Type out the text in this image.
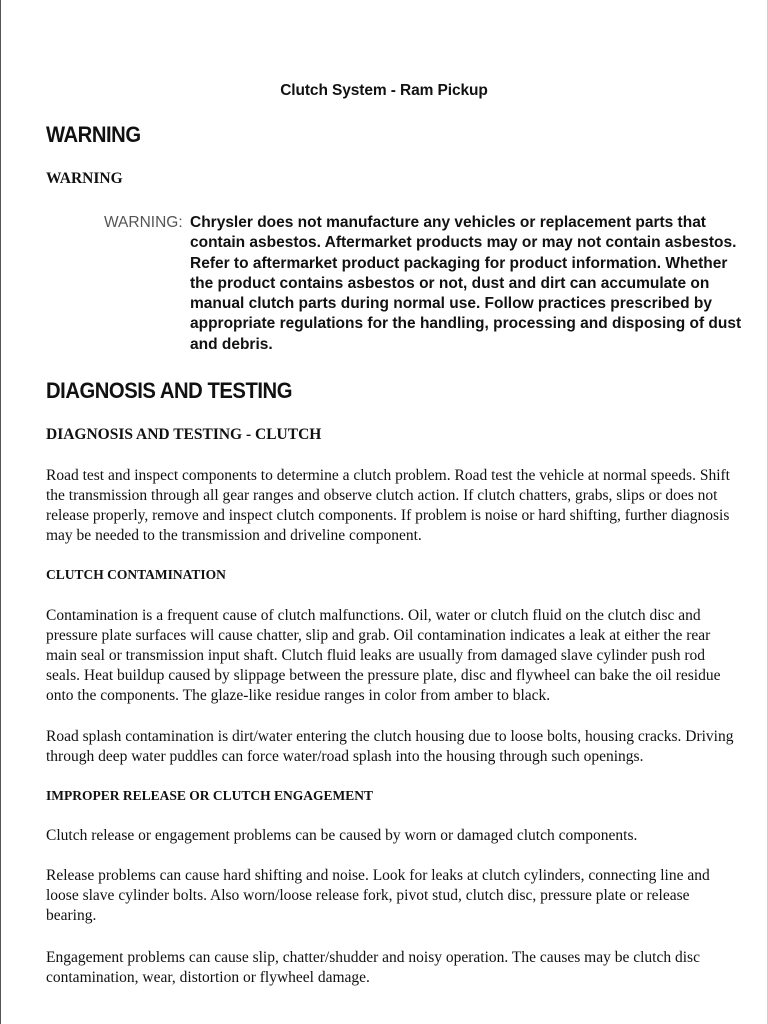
Clutch System - Ram Pickup
WARNING
WARNING
WARNING: Chrysler does not manufacture any vehicles or replacement parts that contain asbestos. Aftermarket products may or may not contain asbestos. Refer to aftermarket product packaging for product information. Whether the product contains asbestos or not, dust and dirt can accumulate on manual clutch parts during normal use. Follow practices prescribed by appropriate regulations for the handling, processing and disposing of dust and debris.
DIAGNOSIS AND TESTING
DIAGNOSIS AND TESTING - CLUTCH

Road test and inspect components to determine a clutch problem. Road test the vehicle at normal speeds. Shift the transmission through all gear ranges and observe clutch action. If clutch chatters, grabs, slips or does not release properly, remove and inspect clutch components. If problem is noise or hard shifting, further diagnosis may be needed to the transmission and driveline component.

CLUTCH CONTAMINATION

Contamination is a frequent cause of clutch malfunctions. Oil, water or clutch fluid on the clutch disc and pressure plate surfaces will cause chatter, slip and grab. Oil contamination indicates a leak at either the rear main seal or transmission input shaft. Clutch fluid leaks are usually from damaged slave cylinder push rod seals. Heat buildup caused by slippage between the pressure plate, disc and flywheel can bake the oil residue onto the components. The glaze-like residue ranges in color from amber to black.

Road splash contamination is dirt/water entering the clutch housing due to loose bolts, housing cracks. Driving through deep water puddles can force water/road splash into the housing through such openings.

IMPROPER RELEASE OR CLUTCH ENGAGEMENT

Clutch release or engagement problems can be caused by worn or damaged clutch components.

Release problems can cause hard shifting and noise. Look for leaks at clutch cylinders, connecting line and loose slave cylinder bolts. Also worn/loose release fork, pivot stud, clutch disc, pressure plate or release bearing.

Engagement problems can cause slip, chatter/shudder and noisy operation. The causes may be clutch disc contamination, wear, distortion or flywheel damage.
